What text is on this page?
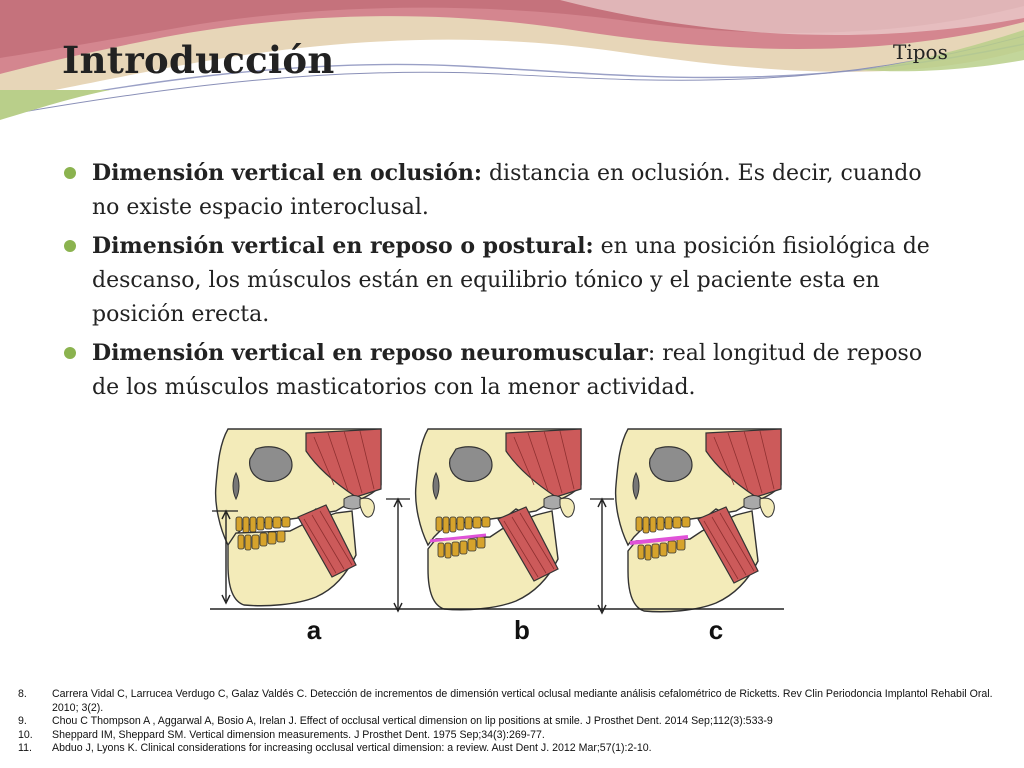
Introducción	Tipos
Dimensión vertical en oclusión: distancia en oclusión. Es decir, cuando no existe espacio interoclusal.
Dimensión vertical en reposo o postural: en una posición fisiológica de descanso, los músculos están en equilibrio tónico y el paciente esta en posición erecta.
Dimensión vertical en reposo neuromuscular: real longitud de reposo de los músculos masticatorios con la menor actividad.
a	b	c
8.	Carrera Vidal C, Larrucea Verdugo C, Galaz Valdés C. Detección de incrementos de dimensión vertical oclusal mediante análisis cefalométrico de Ricketts. Rev Clin Periodoncia Implantol Rehabil Oral. 2010; 3(2).
9.	Chou C Thompson A , Aggarwal A, Bosio A, Irelan J. Effect of occlusal vertical dimension on lip positions at smile. J Prosthet Dent. 2014 Sep;112(3):533-9
10.	Sheppard IM, Sheppard SM. Vertical dimension measurements. J Prosthet Dent. 1975 Sep;34(3):269-77.
11.	Abduo J, Lyons K. Clinical considerations for increasing occlusal vertical dimension: a review. Aust Dent J. 2012 Mar;57(1):2-10.
